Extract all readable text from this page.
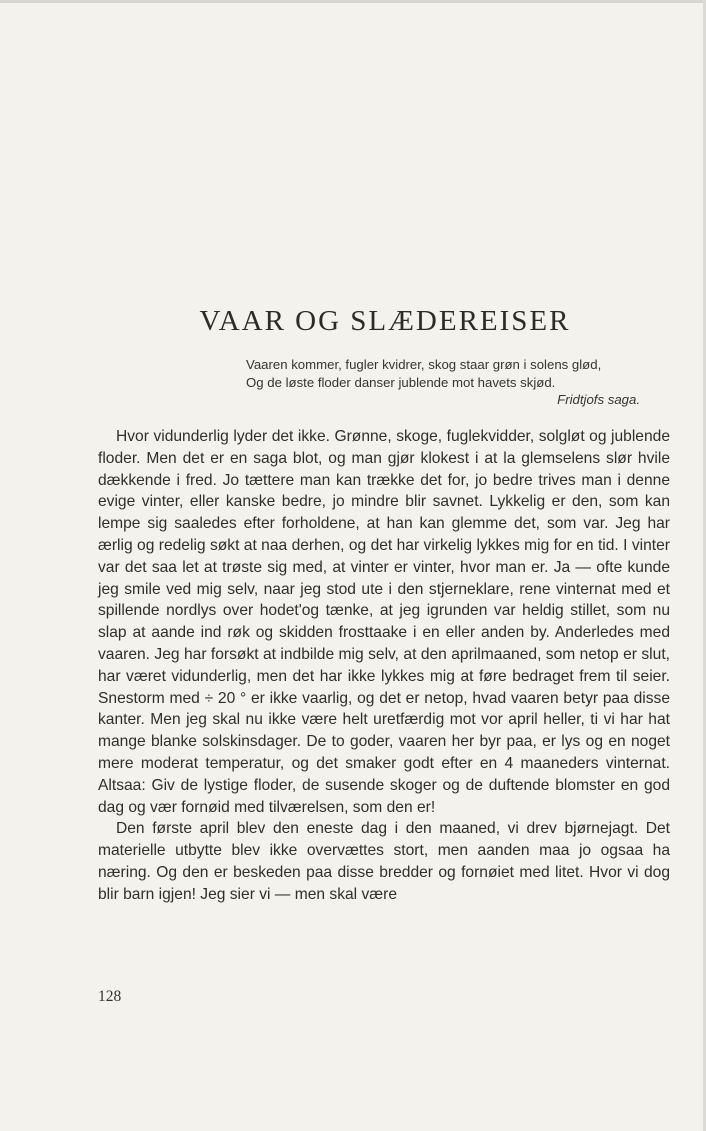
VAAR OG SLÆDEREISER
Vaaren kommer, fugler kvidrer, skog staar grøn i solens glød,
Og de løste floder danser jublende mot havets skjød.
Fridtjofs saga.

Hvor vidunderlig lyder det ikke. Grønne, skoge, fuglekvidder, solgløt og jublende floder. Men det er en saga blot, og man gjør klokest i at la glemselens slør hvile dækkende i fred. Jo tættere man kan trække det for, jo bedre trives man i denne evige vinter, eller kanske bedre, jo mindre blir savnet. Lykkelig er den, som kan lempe sig saaledes efter forholdene, at han kan glemme det, som var. Jeg har ærlig og redelig søkt at naa derhen, og det har virkelig lykkes mig for en tid. I vinter var det saa let at trøste sig med, at vinter er vinter, hvor man er. Ja — ofte kunde jeg smile ved mig selv, naar jeg stod ute i den stjerneklare, rene vinternat med et spillende nordlys over hodet'og tænke, at jeg igrunden var heldig stillet, som nu slap at aande ind røk og skidden frosttaake i en eller anden by. Anderledes med vaaren. Jeg har forsøkt at indbilde mig selv, at den aprilmaaned, som netop er slut, har været vidunderlig, men det har ikke lykkes mig at føre bedraget frem til seier. Snestorm med ÷ 20 ° er ikke vaarlig, og det er netop, hvad vaaren betyr paa disse kanter. Men jeg skal nu ikke være helt uretfærdig mot vor april heller, ti vi har hat mange blanke solskinsdager. De to goder, vaaren her byr paa, er lys og en noget mere moderat temperatur, og det smaker godt efter en 4 maaneders vinternat. Altsaa: Giv de lystige floder, de susende skoger og de duftende blomster en god dag og vær fornøid med tilværelsen, som den er!

Den første april blev den eneste dag i den maaned, vi drev bjørnejagt. Det materielle utbytte blev ikke overvættes stort, men aanden maa jo ogsaa ha næring. Og den er beskeden paa disse bredder og fornøiet med litet. Hvor vi dog blir barn igjen! Jeg sier vi — men skal være

128
